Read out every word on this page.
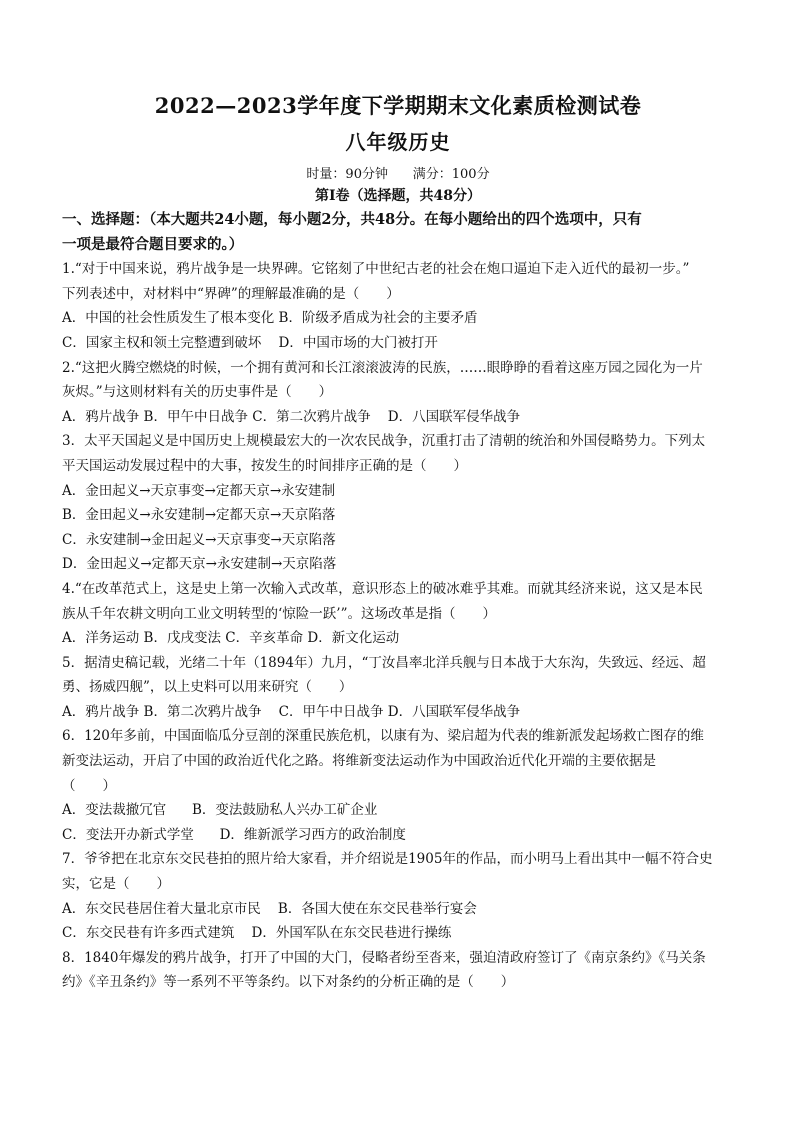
2022—2023学年度下学期期末文化素质检测试卷
八年级历史
时量：90分钟      满分：100分
第Ⅰ卷（选择题，共48分）
一、选择题：（本大题共24小题，每小题2分，共48分。在每小题给出的四个选项中，只有
一项是最符合题目要求的。）
1.“对于中国来说，鸦片战争是一块界碑。它铭刻了中世纪古老的社会在炮口逼迫下走入近代的最初一步。”
下列表述中，对材料中“界碑”的理解最准确的是（　　）
A．中国的社会性质发生了根本变化 B．阶级矛盾成为社会的主要矛盾
C．国家主权和领土完整遭到破坏    D．中国市场的大门被打开
2.“这把火腾空燃烧的时候，一个拥有黄河和长江滚滚波涛的民族，……眼睁睁的看着这座万园之园化为一片
灰烬。”与这则材料有关的历史事件是（　　）
A．鸦片战争 B．甲午中日战争 C．第二次鸦片战争    D．八国联军侵华战争
3．太平天国起义是中国历史上规模最宏大的一次农民战争，沉重打击了清朝的统治和外国侵略势力。下列太
平天国运动发展过程中的大事，按发生的时间排序正确的是（　　）
A．金田起义→天京事变→定都天京→永安建制
B．金田起义→永安建制→定都天京→天京陷落
C．永安建制→金田起义→天京事变→天京陷落
D．金田起义→定都天京→永安建制→天京陷落
4.“在改革范式上，这是史上第一次输入式改革，意识形态上的破冰难乎其难。而就其经济来说，这又是本民
族从千年农耕文明向工业文明转型的‘惊险一跃’”。这场改革是指（　　）
A．洋务运动 B．戊戌变法 C．辛亥革命 D．新文化运动
5．据清史稿记载，光绪二十年（1894年）九月，“丁汝昌率北洋兵舰与日本战于大东沟，失致远、经远、超
勇、扬威四舰”，以上史料可以用来研究（　　）
A．鸦片战争 B．第二次鸦片战争    C．甲午中日战争 D．八国联军侵华战争
6．120年多前，中国面临瓜分豆剖的深重民族危机，以康有为、梁启超为代表的维新派发起场救亡图存的维
新变法运动，开启了中国的政治近代化之路。将维新变法运动作为中国政治近代化开端的主要依据是
（　　）
A．变法裁撤冗官      B．变法鼓励私人兴办工矿企业
C．变法开办新式学堂      D．维新派学习西方的政治制度
7．爷爷把在北京东交民巷拍的照片给大家看，并介绍说是1905年的作品，而小明马上看出其中一幅不符合史
实，它是（　　）
A．东交民巷居住着大量北京市民    B．各国大使在东交民巷举行宴会
C．东交民巷有许多西式建筑    D．外国军队在东交民巷进行操练
8．1840年爆发的鸦片战争，打开了中国的大门，侵略者纷至沓来，强迫清政府签订了《南京条约》《马关条
约》《辛丑条约》等一系列不平等条约。以下对条约的分析正确的是（　　）
